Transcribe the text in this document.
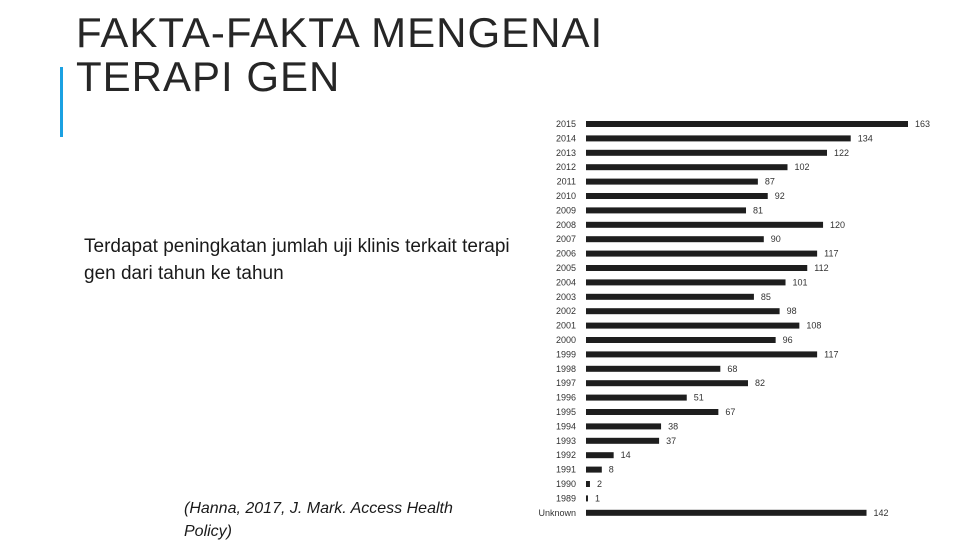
FAKTA-FAKTA MENGENAI
TERAPI GEN

Terdapat peningkatan jumlah uji klinis terkait terapi gen dari tahun ke tahun

(Hanna, 2017, J. Mark. Access Health Policy)

2015	163
2014	134
2013	122
2012	102
2011	87
2010	92
2009	81
2008	120
2007	90
2006	117
2005	112
2004	101
2003	85
2002	98
2001	108
2000	96
1999	117
1998	68
1997	82
1996	51
1995	67
1994	38
1993	37
1992	14
1991	8
1990 2
1989 1
Unknown	142
